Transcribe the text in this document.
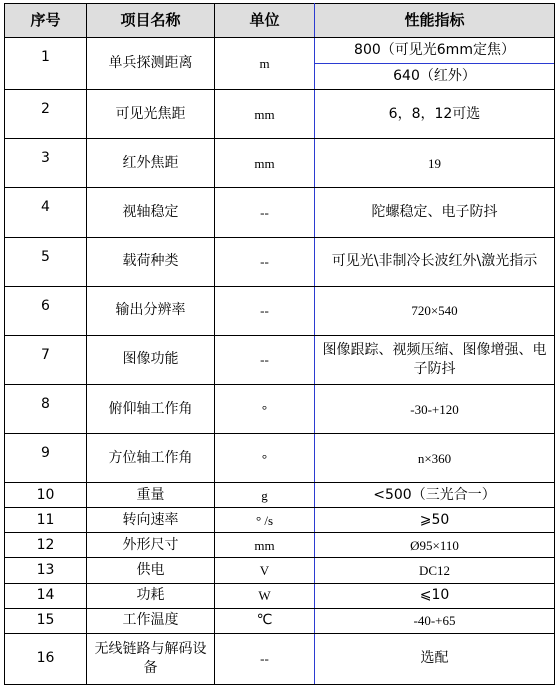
序号	项目名称	单位	性能指标
1	单兵探测距离	m	800（可见光6mm定焦）
640（红外）

2	可见光焦距	mm	6，8，12可选
3	红外焦距	mm	19
4	视轴稳定	--	陀螺稳定、电子防抖
5	载荷种类	--	可见光\非制冷长波红外\激光指示
6	输出分辨率	--	720×540
7	图像功能	--	图像跟踪、视频压缩、图像增强、电子防抖
8	俯仰轴工作角	°	-30-+120
9	方位轴工作角	°	n×360
10	重量	g	<500（三光合一）
11	转向速率	° /s	⩾50
12	外形尺寸	mm	Ø95×110
13	供电	V	DC12
14	功耗	W	⩽10
15	工作温度	℃	-40-+65
16	无线链路与解码设备	--	选配
